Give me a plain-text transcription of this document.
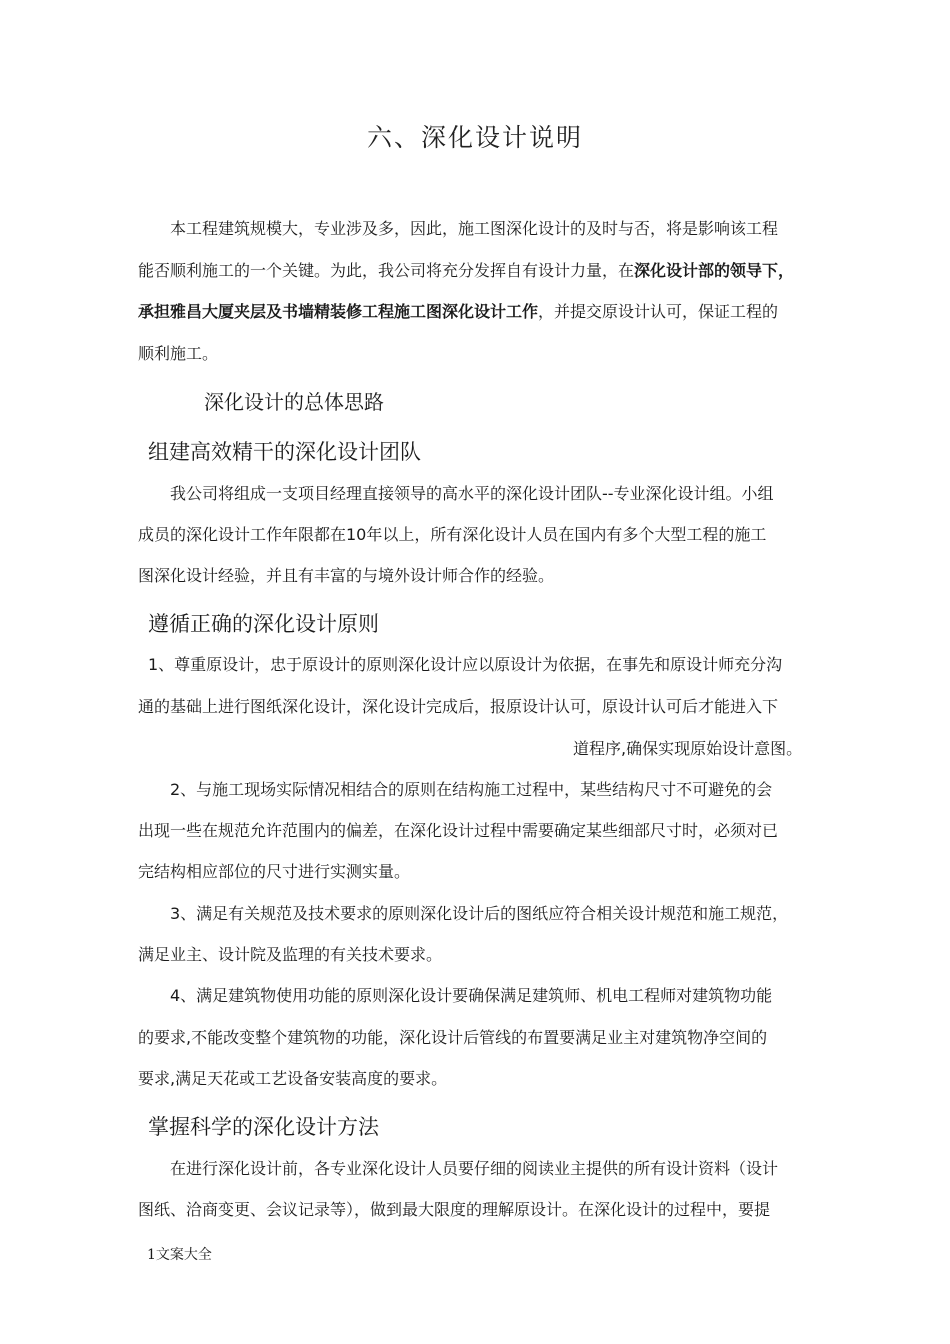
六、深化设计说明
本工程建筑规模大，专业涉及多，因此，施工图深化设计的及时与否，将是影响该工程
能否顺利施工的一个关键。为此，我公司将充分发挥自有设计力量，在深化设计部的领导下，
承担雅昌大厦夹层及书墙精装修工程施工图深化设计工作，并提交原设计认可，保证工程的
顺利施工。
深化设计的总体思路
组建高效精干的深化设计团队
我公司将组成一支项目经理直接领导的高水平的深化设计团队--专业深化设计组。小组
成员的深化设计工作年限都在10年以上，所有深化设计人员在国内有多个大型工程的施工
图深化设计经验，并且有丰富的与境外设计师合作的经验。
遵循正确的深化设计原则
1、尊重原设计，忠于原设计的原则深化设计应以原设计为依据，在事先和原设计师充分沟
通的基础上进行图纸深化设计，深化设计完成后，报原设计认可，原设计认可后才能进入下
道程序,确保实现原始设计意图。
2、与施工现场实际情况相结合的原则在结构施工过程中，某些结构尺寸不可避免的会
出现一些在规范允许范围内的偏差，在深化设计过程中需要确定某些细部尺寸时，必须对已
完结构相应部位的尺寸进行实测实量。
3、满足有关规范及技术要求的原则深化设计后的图纸应符合相关设计规范和施工规范，
满足业主、设计院及监理的有关技术要求。
4、满足建筑物使用功能的原则深化设计要确保满足建筑师、机电工程师对建筑物功能
的要求,不能改变整个建筑物的功能，深化设计后管线的布置要满足业主对建筑物净空间的
要求,满足天花或工艺设备安装高度的要求。
掌握科学的深化设计方法
在进行深化设计前，各专业深化设计人员要仔细的阅读业主提供的所有设计资料（设计
图纸、洽商变更、会议记录等），做到最大限度的理解原设计。在深化设计的过程中，要提
1文案大全
